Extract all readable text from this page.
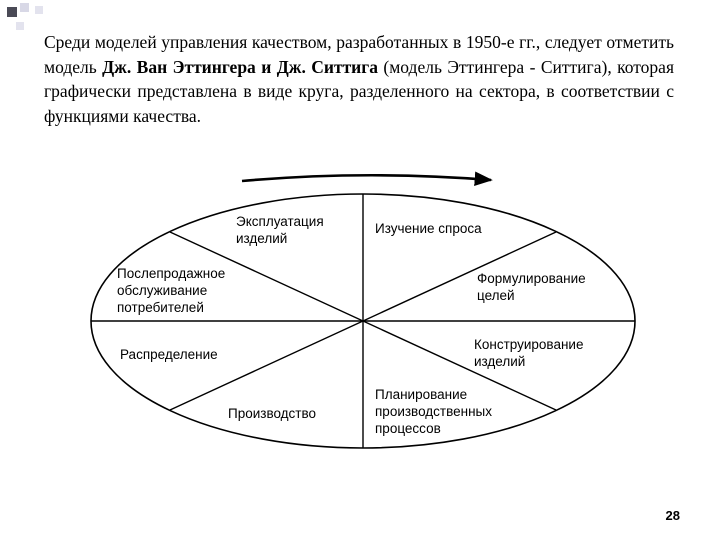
Среди моделей управления качеством, разработанных в 1950-е гг., следует отметить модель Дж. Ван Эттингера и Дж. Ситтига (модель Эттингера - Ситтига), которая графически представлена в виде круга, разделенного на сектора, в соответствии с функциями качества.

Изучение спроса
Формулирование целей
Конструирование изделий
Планирование производственных процессов
Производство
Распределение
Послепродажное обслуживание потребителей
Эксплуатация изделий
28
